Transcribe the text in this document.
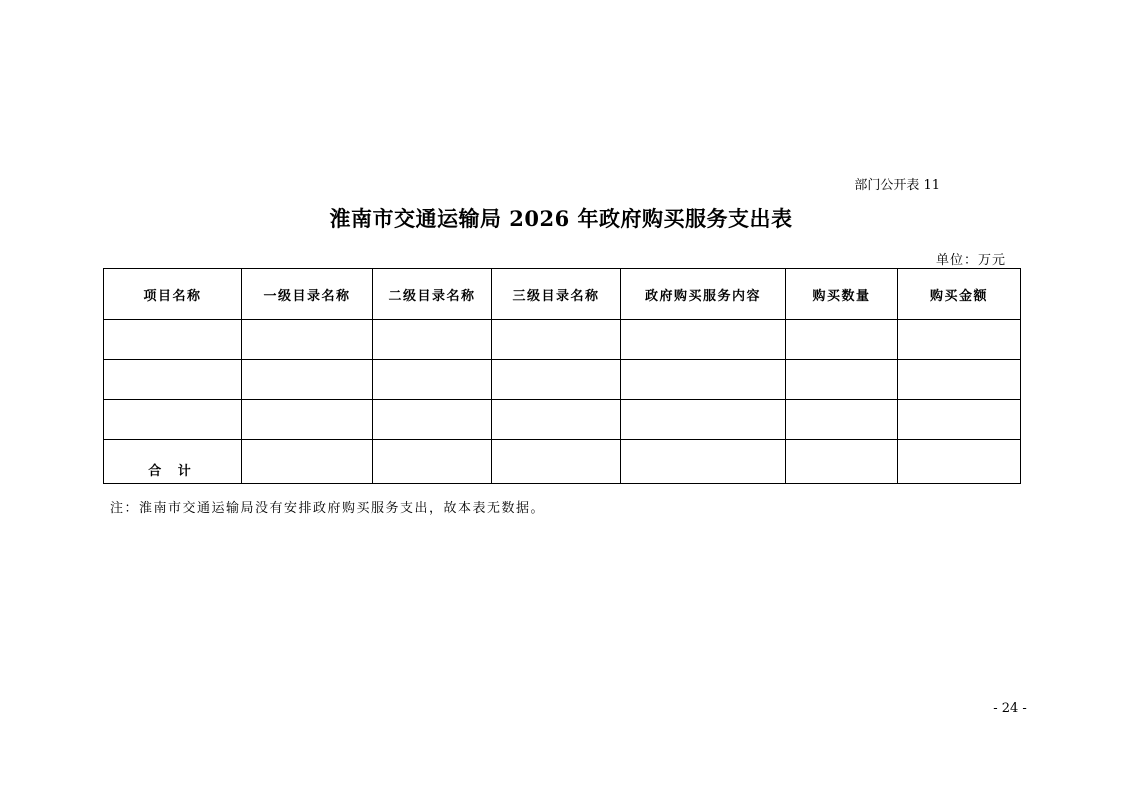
部门公开表 11
淮南市交通运输局 2026 年政府购买服务支出表
单位：万元
项目名称	一级目录名称	二级目录名称	三级目录名称	政府购买服务内容	购买数量	购买金额

合 计						
注：淮南市交通运输局没有安排政府购买服务支出，故本表无数据。
- 24 -
